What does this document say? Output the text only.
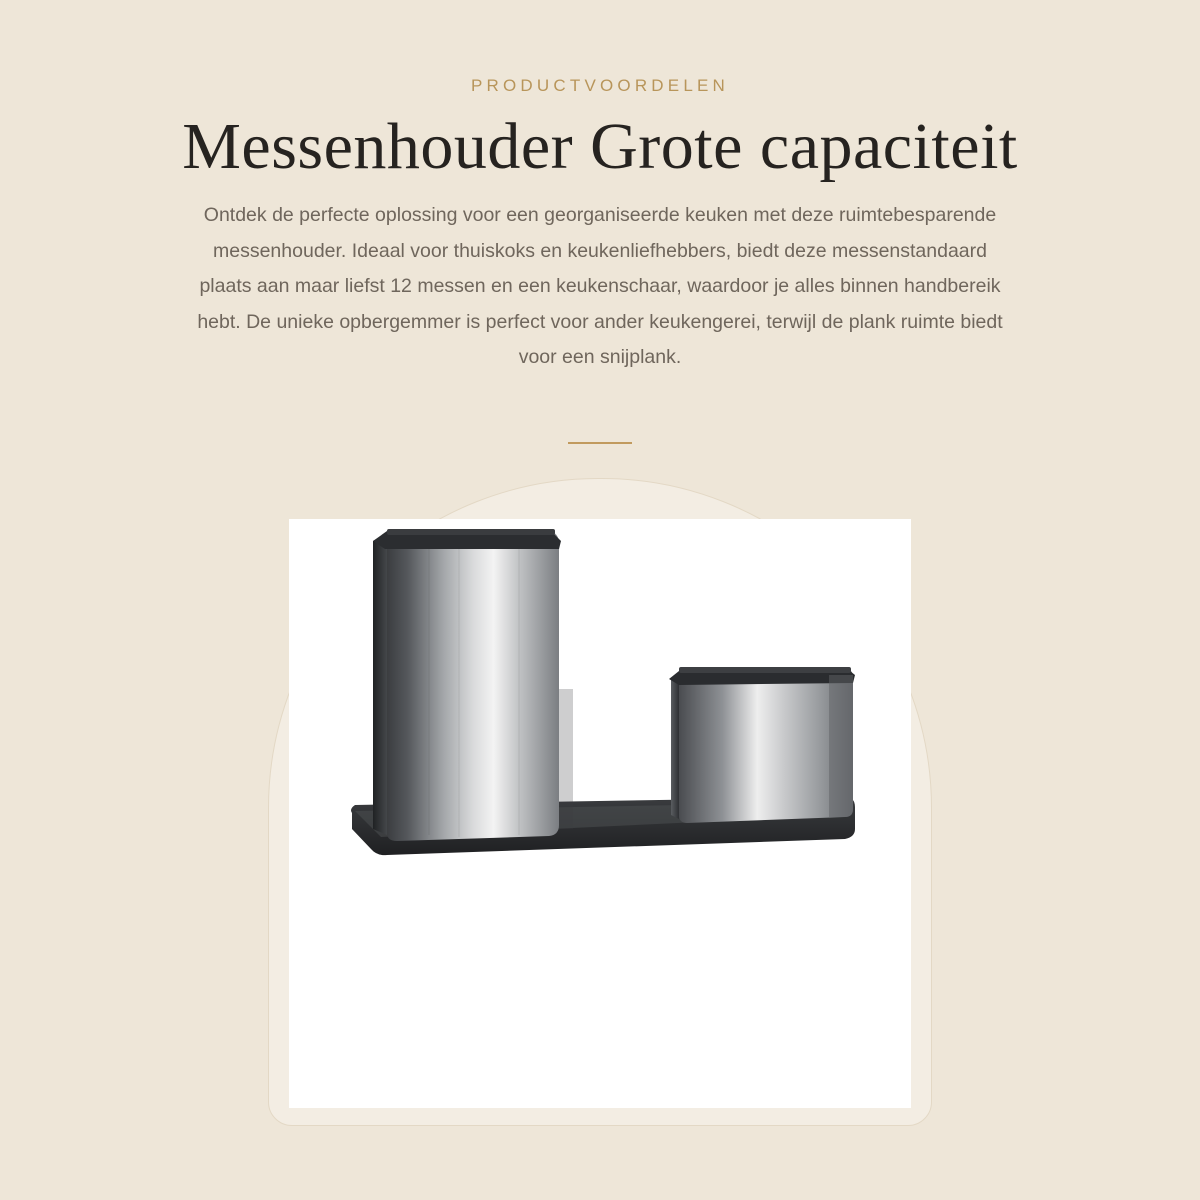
PRODUCTVOORDELEN
Messenhouder Grote capaciteit

Ontdek de perfecte oplossing voor een georganiseerde keuken met deze ruimtebesparende messenhouder. Ideaal voor thuiskoks en keukenliefhebbers, biedt deze messenstandaard plaats aan maar liefst 12 messen en een keukenschaar, waardoor je alles binnen handbereik hebt. De unieke opbergemmer is perfect voor ander keukengerei, terwijl de plank ruimte biedt voor een snijplank.
